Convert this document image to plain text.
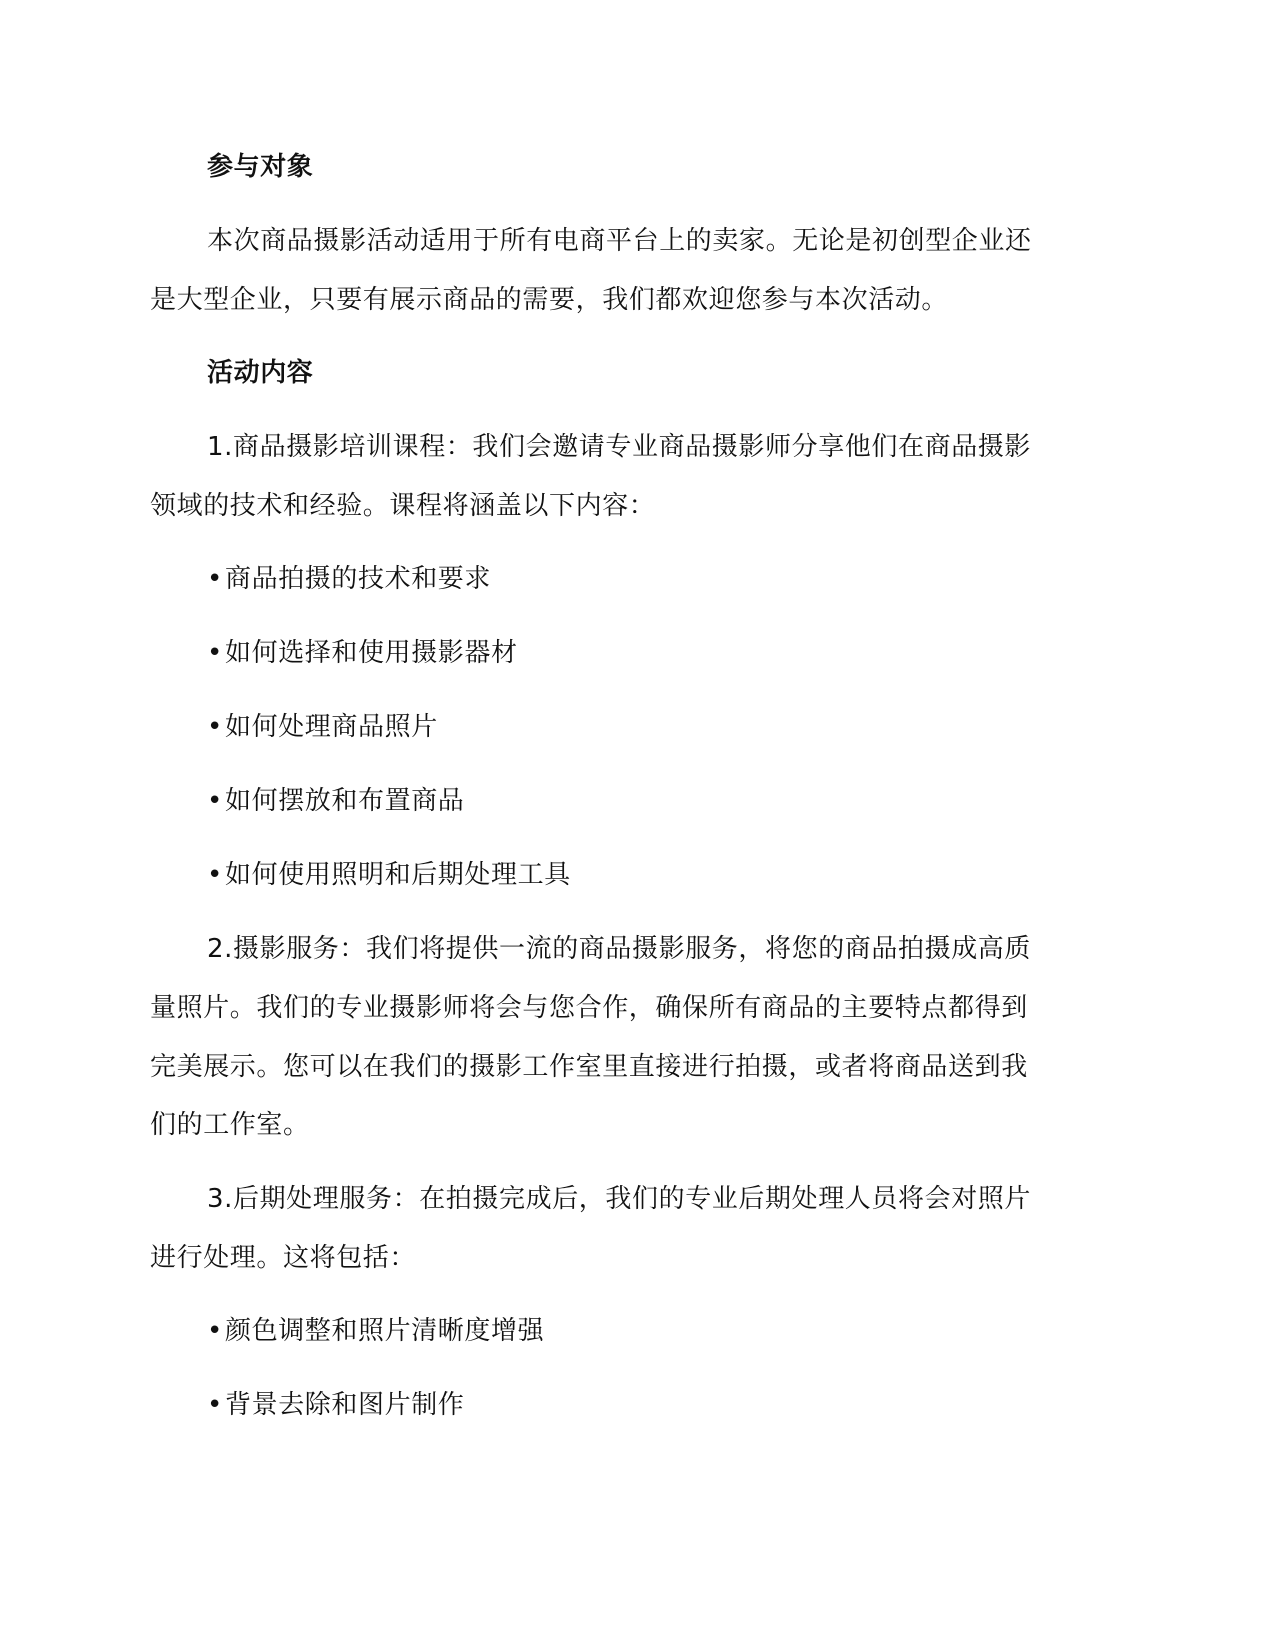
参与对象
本次商品摄影活动适用于所有电商平台上的卖家。无论是初创型企业还
是大型企业，只要有展示商品的需要，我们都欢迎您参与本次活动。
活动内容
1.商品摄影培训课程：我们会邀请专业商品摄影师分享他们在商品摄影
领域的技术和经验。课程将涵盖以下内容：
•商品拍摄的技术和要求
•如何选择和使用摄影器材
•如何处理商品照片
•如何摆放和布置商品
•如何使用照明和后期处理工具
2.摄影服务：我们将提供一流的商品摄影服务，将您的商品拍摄成高质
量照片。我们的专业摄影师将会与您合作，确保所有商品的主要特点都得到
完美展示。您可以在我们的摄影工作室里直接进行拍摄，或者将商品送到我
们的工作室。
3.后期处理服务：在拍摄完成后，我们的专业后期处理人员将会对照片
进行处理。这将包括：
•颜色调整和照片清晰度增强
•背景去除和图片制作
